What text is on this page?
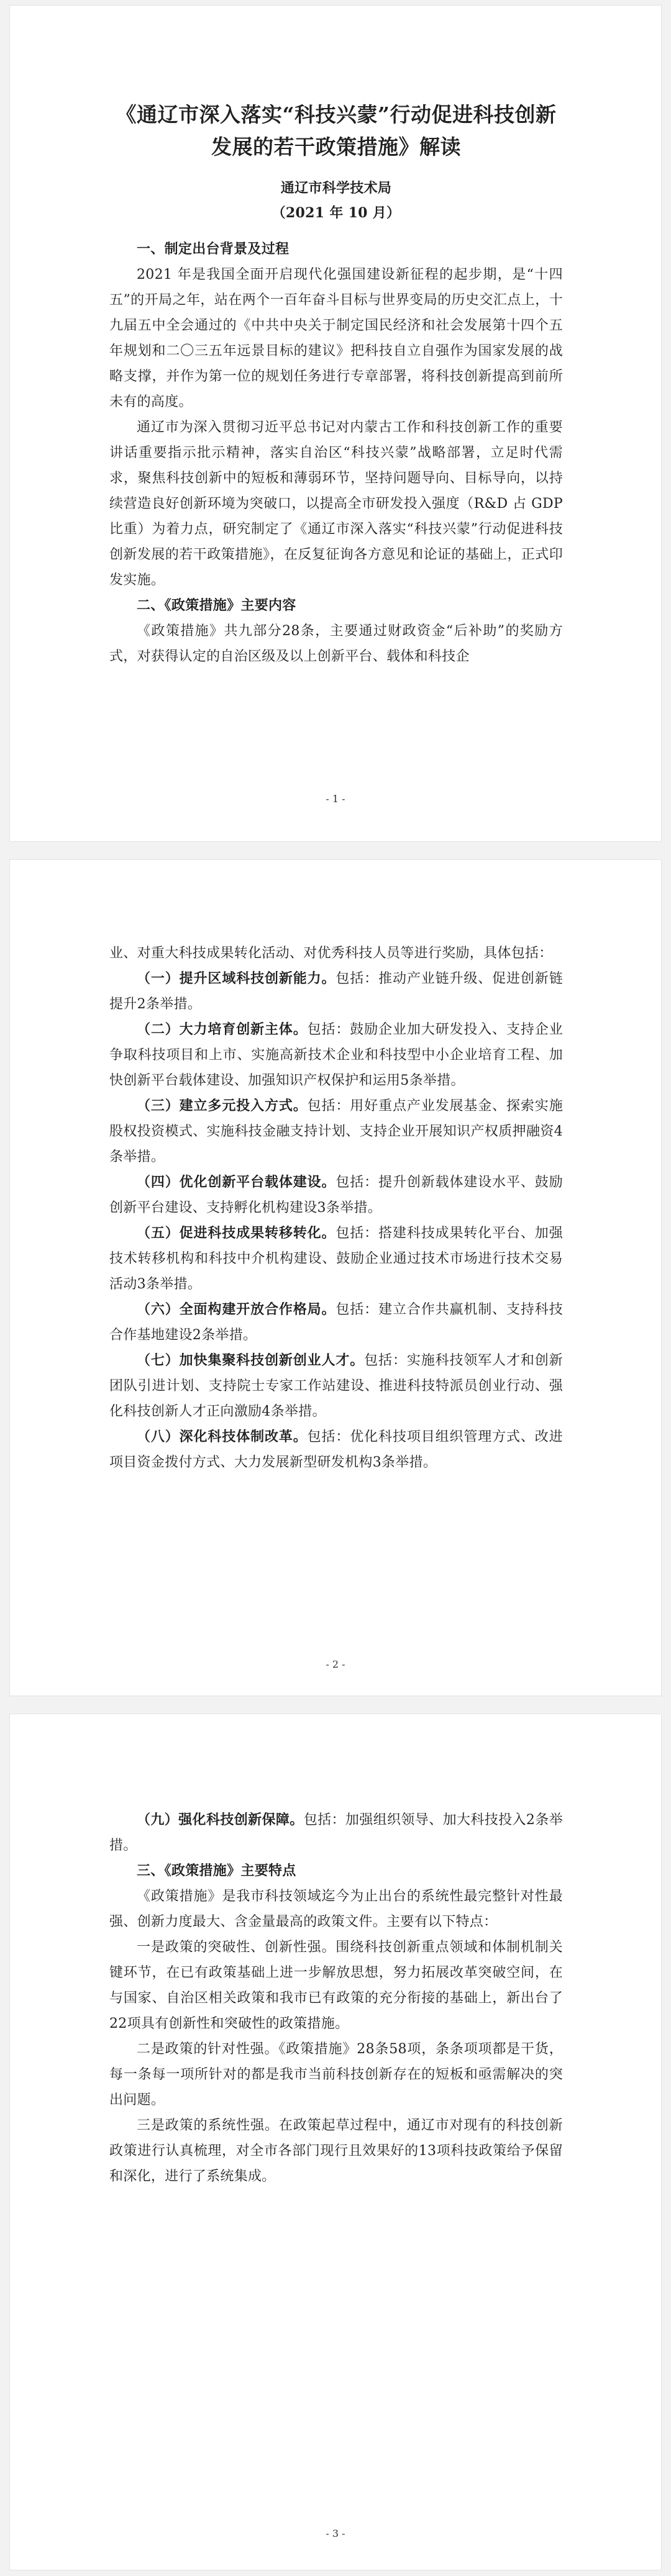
《通辽市深入落实“科技兴蒙”行动促进科技创新发展的若干政策措施》解读
通辽市科学技术局
（2021 年 10 月）
一、制定出台背景及过程

2021 年是我国全面开启现代化强国建设新征程的起步期，是“十四五”的开局之年，站在两个一百年奋斗目标与世界变局的历史交汇点上，十九届五中全会通过的《中共中央关于制定国民经济和社会发展第十四个五年规划和二〇三五年远景目标的建议》把科技自立自强作为国家发展的战略支撑，并作为第一位的规划任务进行专章部署，将科技创新提高到前所未有的高度。

通辽市为深入贯彻习近平总书记对内蒙古工作和科技创新工作的重要讲话重要指示批示精神，落实自治区“科技兴蒙”战略部署，立足时代需求，聚焦科技创新中的短板和薄弱环节，坚持问题导向、目标导向，以持续营造良好创新环境为突破口，以提高全市研发投入强度（R&D 占 GDP 比重）为着力点，研究制定了《通辽市深入落实“科技兴蒙”行动促进科技创新发展的若干政策措施》，在反复征询各方意见和论证的基础上，正式印发实施。

二、《政策措施》主要内容

《政策措施》共九部分28条，主要通过财政资金“后补助”的奖励方式，对获得认定的自治区级及以上创新平台、载体和科技企

- 1 -

业、对重大科技成果转化活动、对优秀科技人员等进行奖励，具体包括：

（一）提升区域科技创新能力。包括：推动产业链升级、促进创新链提升2条举措。

（二）大力培育创新主体。包括：鼓励企业加大研发投入、支持企业争取科技项目和上市、实施高新技术企业和科技型中小企业培育工程、加快创新平台载体建设、加强知识产权保护和运用5条举措。

（三）建立多元投入方式。包括：用好重点产业发展基金、探索实施股权投资模式、实施科技金融支持计划、支持企业开展知识产权质押融资4条举措。

（四）优化创新平台载体建设。包括：提升创新载体建设水平、鼓励创新平台建设、支持孵化机构建设3条举措。

（五）促进科技成果转移转化。包括：搭建科技成果转化平台、加强技术转移机构和科技中介机构建设、鼓励企业通过技术市场进行技术交易活动3条举措。

（六）全面构建开放合作格局。包括：建立合作共赢机制、支持科技合作基地建设2条举措。

（七）加快集聚科技创新创业人才。包括：实施科技领军人才和创新团队引进计划、支持院士专家工作站建设、推进科技特派员创业行动、强化科技创新人才正向激励4条举措。

（八）深化科技体制改革。包括：优化科技项目组织管理方式、改进项目资金拨付方式、大力发展新型研发机构3条举措。

- 2 -

（九）强化科技创新保障。包括：加强组织领导、加大科技投入2条举措。

三、《政策措施》主要特点

《政策措施》是我市科技领域迄今为止出台的系统性最完整针对性最强、创新力度最大、含金量最高的政策文件。主要有以下特点：

一是政策的突破性、创新性强。围绕科技创新重点领域和体制机制关键环节，在已有政策基础上进一步解放思想，努力拓展改革突破空间，在与国家、自治区相关政策和我市已有政策的充分衔接的基础上，新出台了22项具有创新性和突破性的政策措施。

二是政策的针对性强。《政策措施》28条58项，条条项项都是干货，每一条每一项所针对的都是我市当前科技创新存在的短板和亟需解决的突出问题。

三是政策的系统性强。在政策起草过程中，通辽市对现有的科技创新政策进行认真梳理，对全市各部门现行且效果好的13项科技政策给予保留和深化，进行了系统集成。

- 3 -
